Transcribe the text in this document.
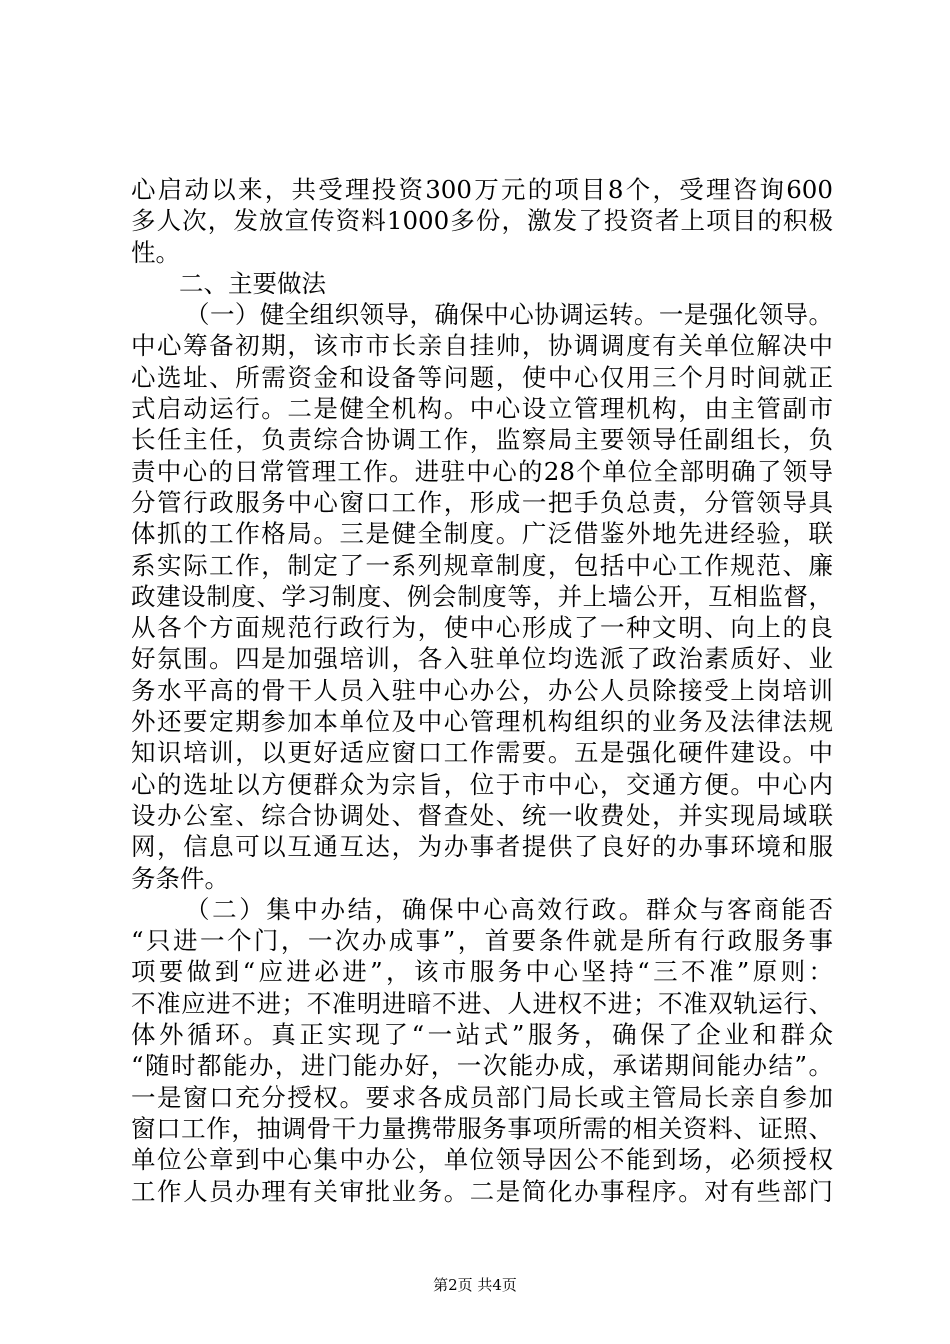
心启动以来，共受理投资300万元的项目8个，受理咨询600
多人次，发放宣传资料1000多份，激发了投资者上项目的积极
性。
二、主要做法
（一）健全组织领导，确保中心协调运转。一是强化领导。
中心筹备初期，该市市长亲自挂帅，协调调度有关单位解决中
心选址、所需资金和设备等问题，使中心仅用三个月时间就正
式启动运行。二是健全机构。中心设立管理机构，由主管副市
长任主任，负责综合协调工作，监察局主要领导任副组长，负
责中心的日常管理工作。进驻中心的28个单位全部明确了领导
分管行政服务中心窗口工作，形成一把手负总责，分管领导具
体抓的工作格局。三是健全制度。广泛借鉴外地先进经验，联
系实际工作，制定了一系列规章制度，包括中心工作规范、廉
政建设制度、学习制度、例会制度等，并上墙公开，互相监督，
从各个方面规范行政行为，使中心形成了一种文明、向上的良
好氛围。四是加强培训，各入驻单位均选派了政治素质好、业
务水平高的骨干人员入驻中心办公，办公人员除接受上岗培训
外还要定期参加本单位及中心管理机构组织的业务及法律法规
知识培训，以更好适应窗口工作需要。五是强化硬件建设。中
心的选址以方便群众为宗旨，位于市中心，交通方便。中心内
设办公室、综合协调处、督查处、统一收费处，并实现局域联
网，信息可以互通互达，为办事者提供了良好的办事环境和服
务条件。
（二）集中办结，确保中心高效行政。群众与客商能否
“只进一个门，一次办成事”，首要条件就是所有行政服务事
项要做到“应进必进”，该市服务中心坚持“三不准”原则：
不准应进不进；不准明进暗不进、人进权不进；不准双轨运行、
体外循环。真正实现了“一站式”服务，确保了企业和群众
“随时都能办，进门能办好，一次能办成，承诺期间能办结”。
一是窗口充分授权。要求各成员部门局长或主管局长亲自参加
窗口工作，抽调骨干力量携带服务事项所需的相关资料、证照、
单位公章到中心集中办公，单位领导因公不能到场，必须授权
工作人员办理有关审批业务。二是简化办事程序。对有些部门
第2页 共4页
